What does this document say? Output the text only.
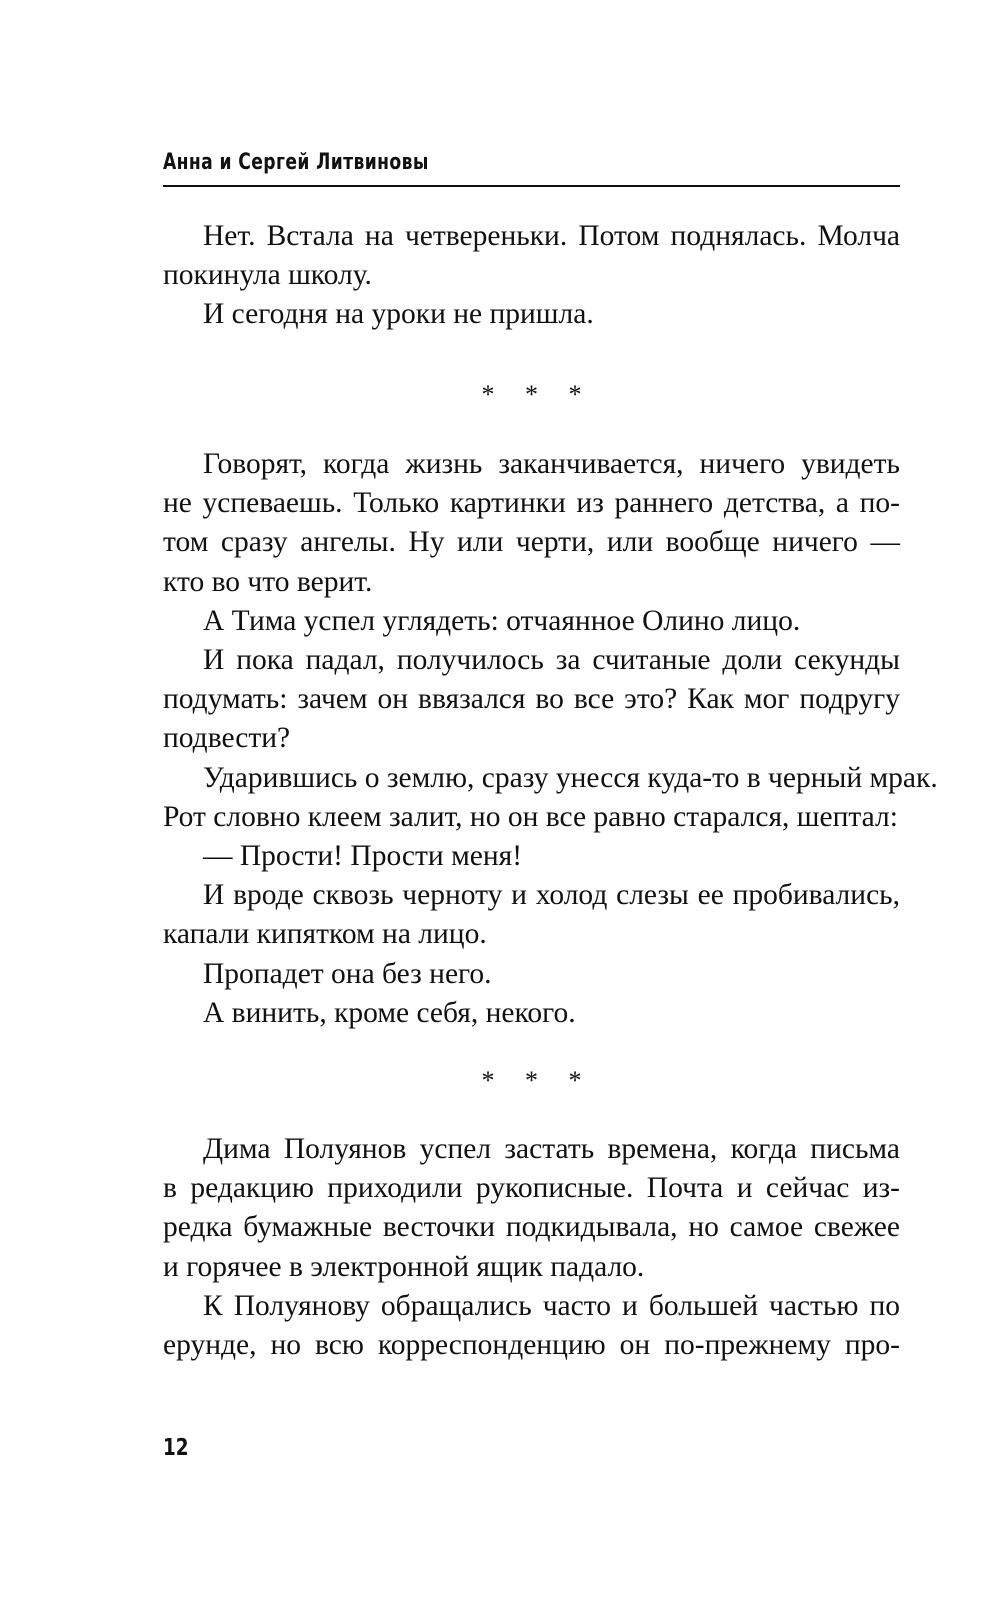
Анна и Сергей Литвиновы
Нет. Встала на четвереньки. Потом поднялась. Молча
покинула школу.
И сегодня на уроки не пришла.
* * *
Говорят, когда жизнь заканчивается, ничего увидеть
не успеваешь. Только картинки из раннего детства, а по-
том сразу ангелы. Ну или черти, или вообще ничего —
кто во что верит.
А Тима успел углядеть: отчаянное Олино лицо.
И пока падал, получилось за считаные доли секунды
подумать: зачем он ввязался во все это? Как мог подругу
подвести?
Ударившись о землю, сразу унесся куда-то в черный мрак.
Рот словно клеем залит, но он все равно старался, шептал:
— Прости! Прости меня!
И вроде сквозь черноту и холод слезы ее пробивались,
капали кипятком на лицо.
Пропадет она без него.
А винить, кроме себя, некого.
* * *
Дима Полуянов успел застать времена, когда письма
в редакцию приходили рукописные. Почта и сейчас из-
редка бумажные весточки подкидывала, но самое свежее
и горячее в электронной ящик падало.
К Полуянову обращались часто и большей частью по
ерунде, но всю корреспонденцию он по-прежнему про-
12
